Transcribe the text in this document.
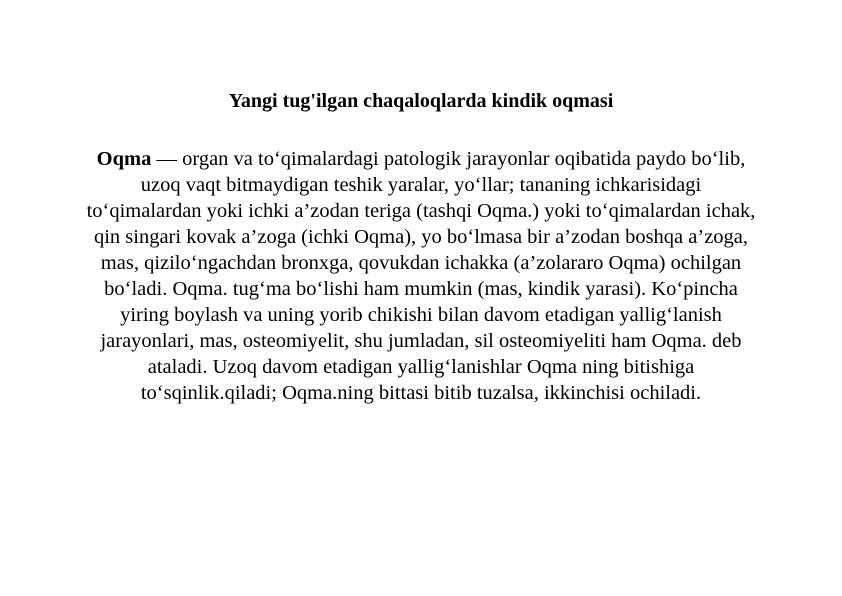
Yangi tug'ilgan chaqaloqlarda kindik oqmasi
Oqma — organ va to‘qimalardagi patologik jarayonlar oqibatida paydo bo‘lib, uzoq vaqt bitmaydigan teshik yaralar, yo‘llar; tananing ichkarisidagi to‘qimalardan yoki ichki a’zodan teriga (tashqi Oqma.) yoki to‘qimalardan ichak, qin singari kovak a’zoga (ichki Oqma), yo bo‘lmasa bir a’zodan boshqa a’zoga, mas, qizilo‘ngachdan bronxga, qovukdan ichakka (a’zolararo Oqma) ochilgan bo‘ladi. Oqma. tug‘ma bo‘lishi ham mumkin (mas, kindik yarasi). Ko‘pincha yiring boylash va uning yorib chikishi bilan davom etadigan yallig‘lanish jarayonlari, mas, osteomiyelit, shu jumladan, sil osteomiyeliti ham Oqma. deb ataladi. Uzoq davom etadigan yallig‘lanishlar Oqma ning bitishiga to‘sqinlik.qiladi; Oqma.ning bittasi bitib tuzalsa, ikkinchisi ochiladi.
